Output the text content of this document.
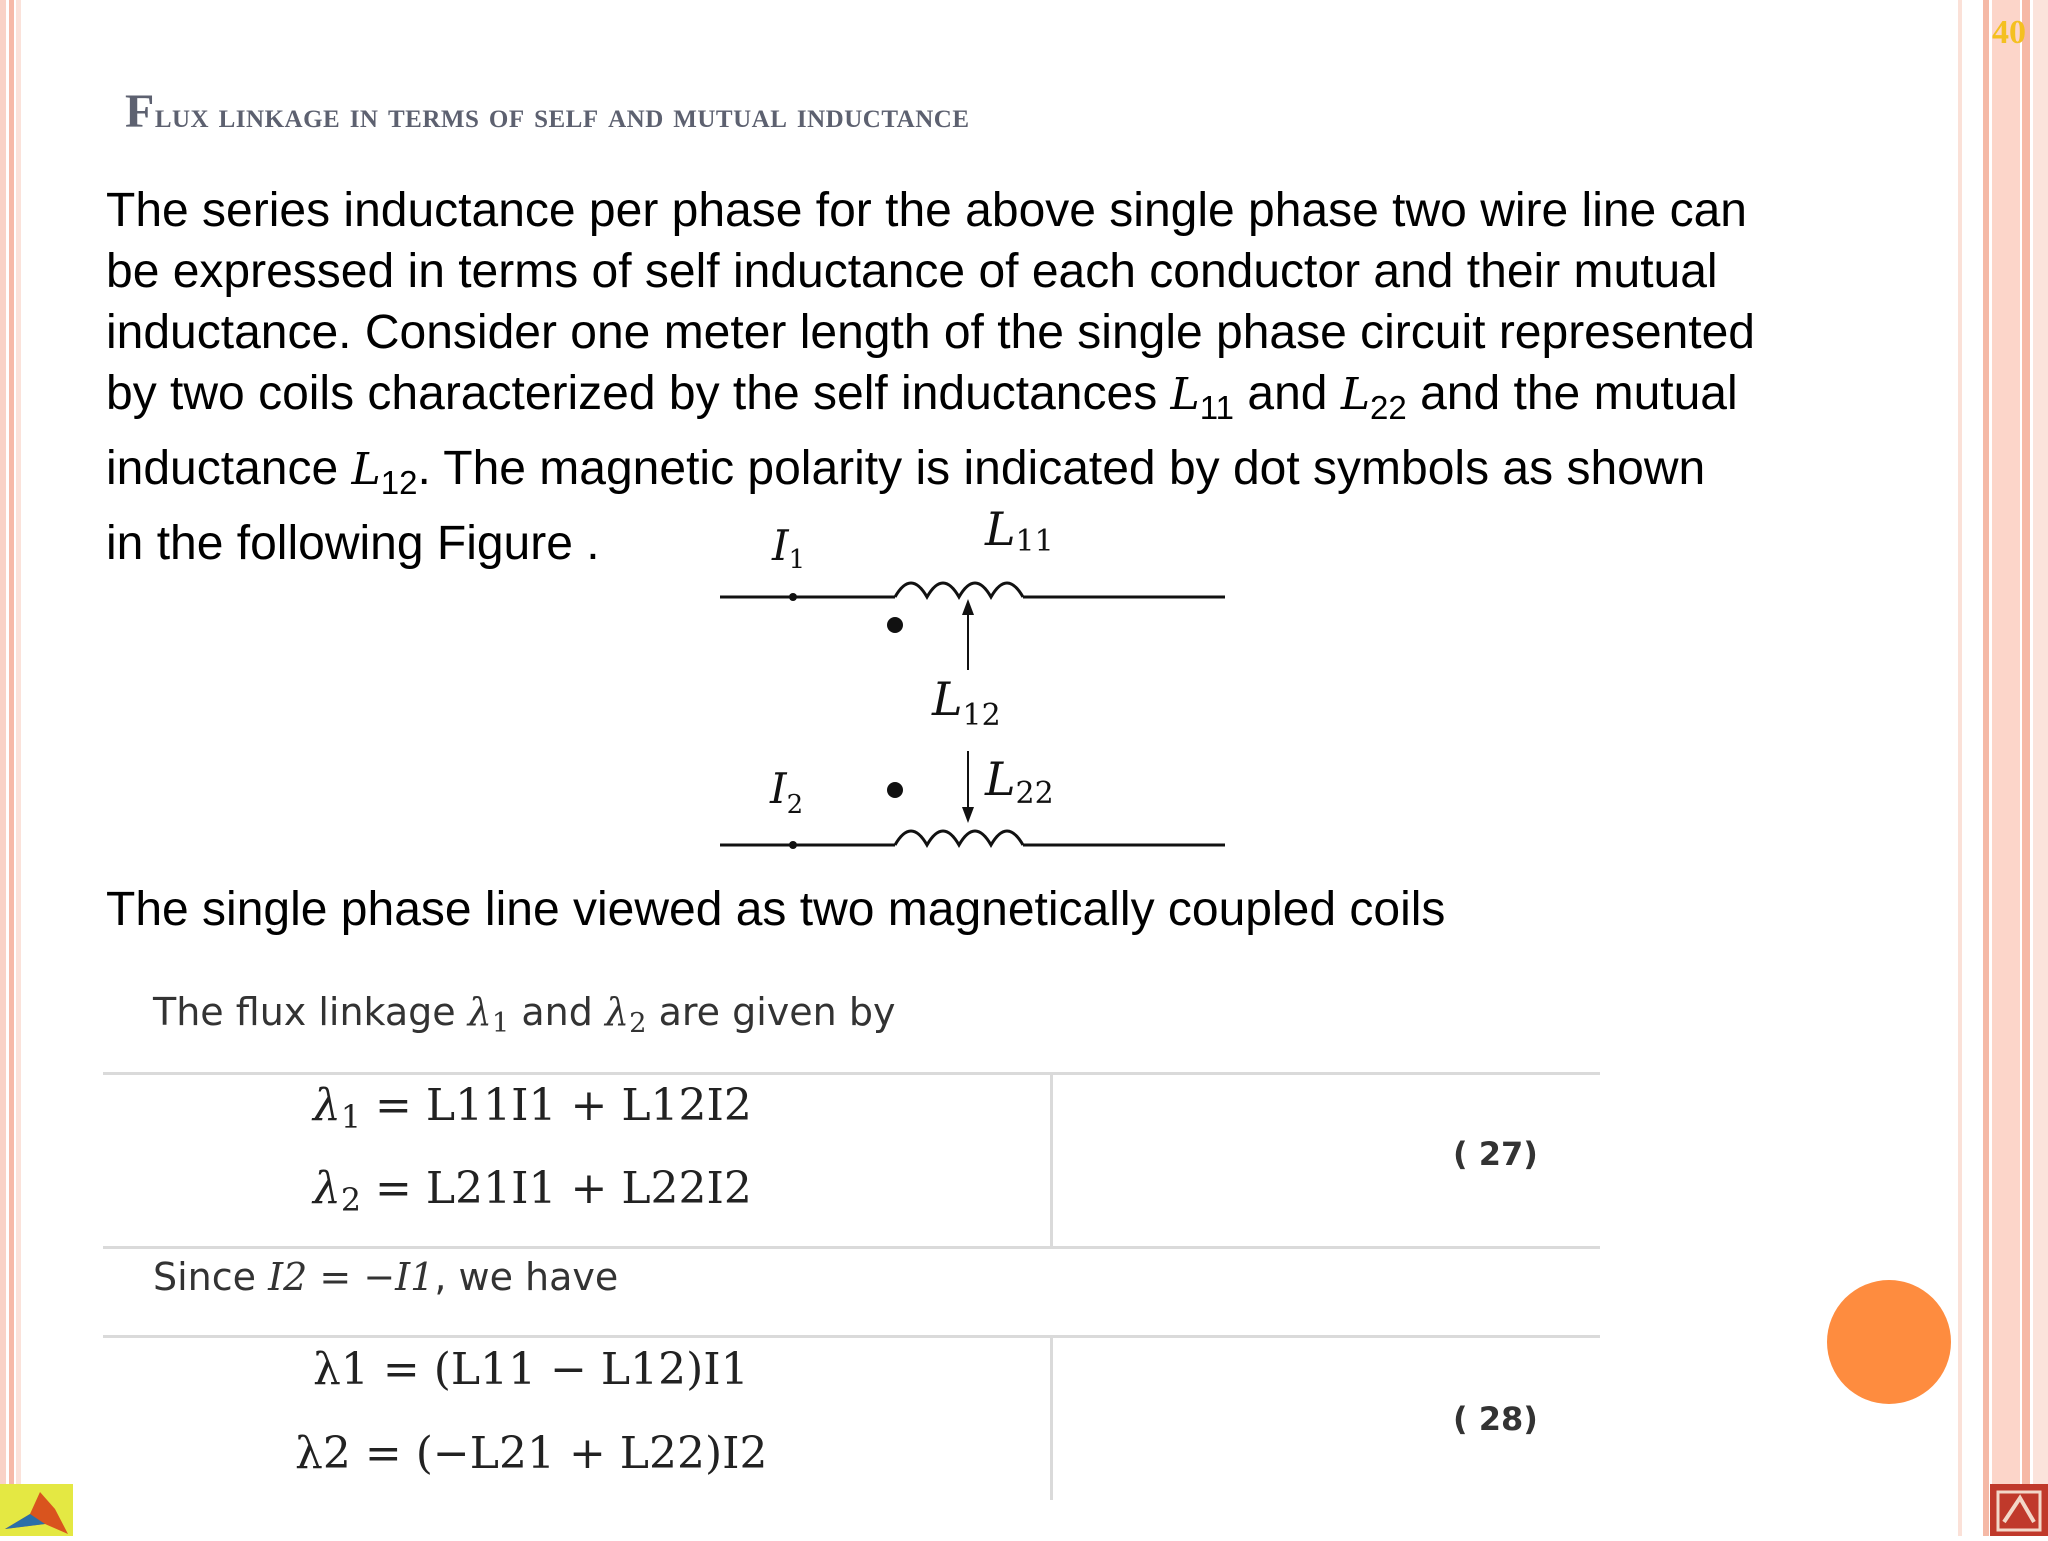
40
Flux linkage in terms of self and mutual inductance
The series inductance per phase for the above single phase two wire line can
be expressed in terms of self inductance of each conductor and their mutual
inductance. Consider one meter length of the single phase circuit represented
by two coils characterized by the self inductances $L_{11}$ and $L_{22}$ and the mutual
inductance $L_{12}$. The magnetic polarity is indicated by dot symbols as shown
in the following Figure .	I1
L11
$L_{12}$
$I_2$	L22
The single phase line viewed as two magnetically coupled coils
The flux linkage $\lambda_1$ and $\lambda_2$ are given by
$\lambda_1 = L11I1 + L12I2$
$\lambda_2 = L21I1 + L22I2$
( 27)
Since I2 = −I1, we have
λ1 = (L11 − L12)I1
λ2 = (−L21 + L22)I2
( 28)
